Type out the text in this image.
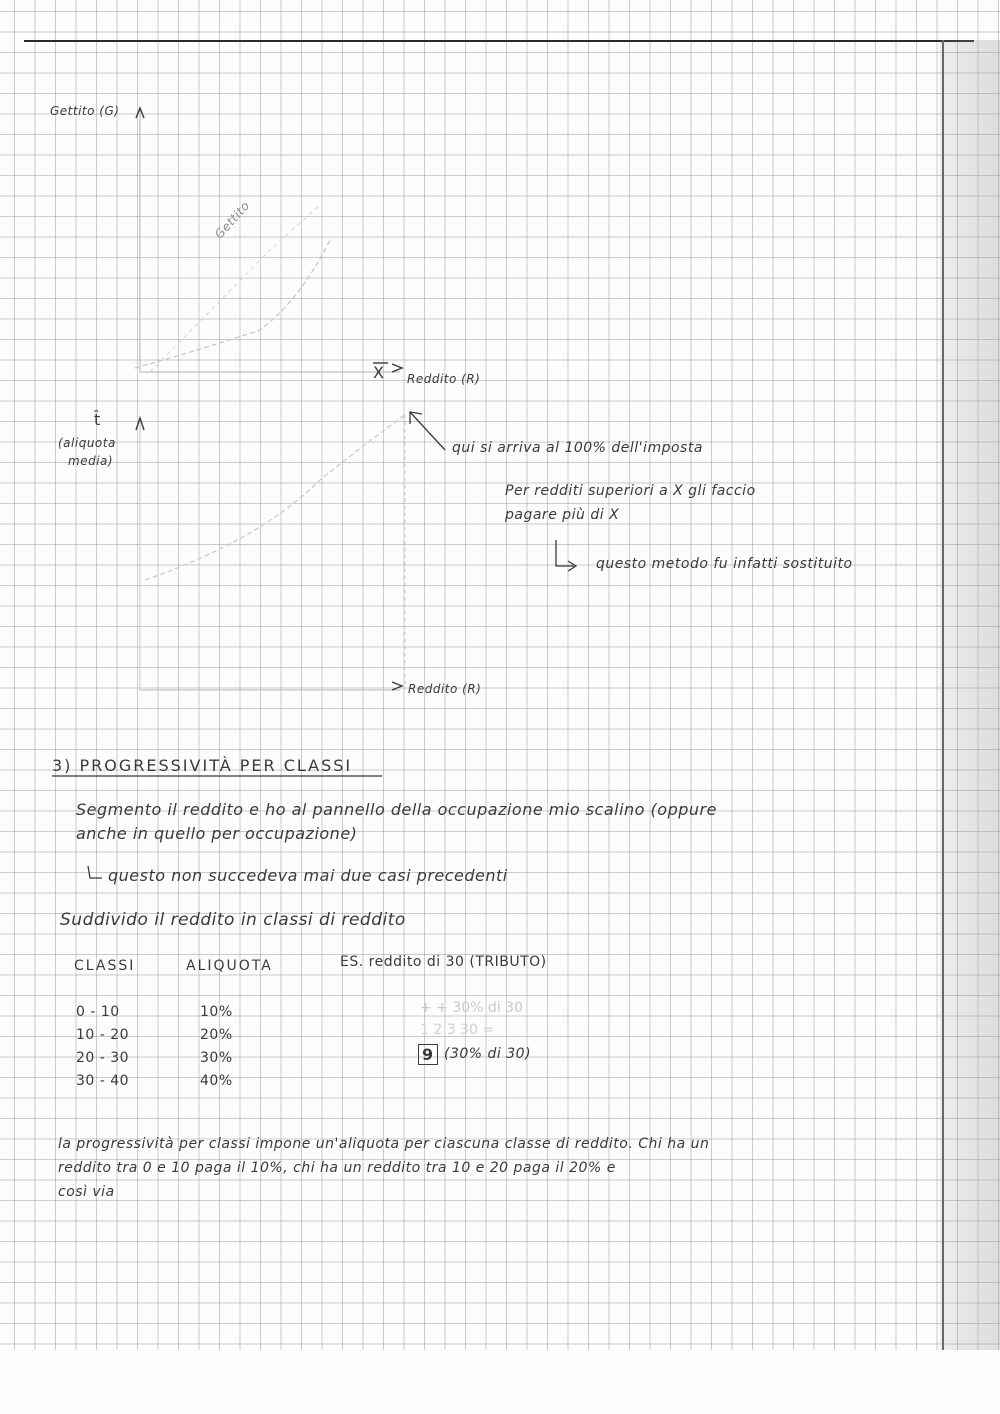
+ + 30% di 30
1 2 3 30 =
Gettito (G)
Gettito
X Reddito (R)
t̂
(aliquota
media)
Reddito (R)
qui si arriva al 100% dell'imposta
Per redditi superiori a X gli faccio
pagare più di X
questo metodo fu infatti sostituito
3) PROGRESSIVITÀ PER CLASSI
Segmento il reddito e ho al pannello della occupazione mio scalino (oppure
anche in quello per occupazione)
questo non succedeva mai due casi precedenti
Suddivido il reddito in classi di reddito
CLASSI	ALIQUOTA	ES. reddito di 30 (TRIBUTO)
0 - 10	10%
10 - 20	20%
20 - 30	30%
30 - 40	40%
9 (30% di 30)
la progressività per classi impone un'aliquota per ciascuna classe di reddito. Chi ha un
reddito tra 0 e 10 paga il 10%, chi ha un reddito tra 10 e 20 paga il 20% e
così via
